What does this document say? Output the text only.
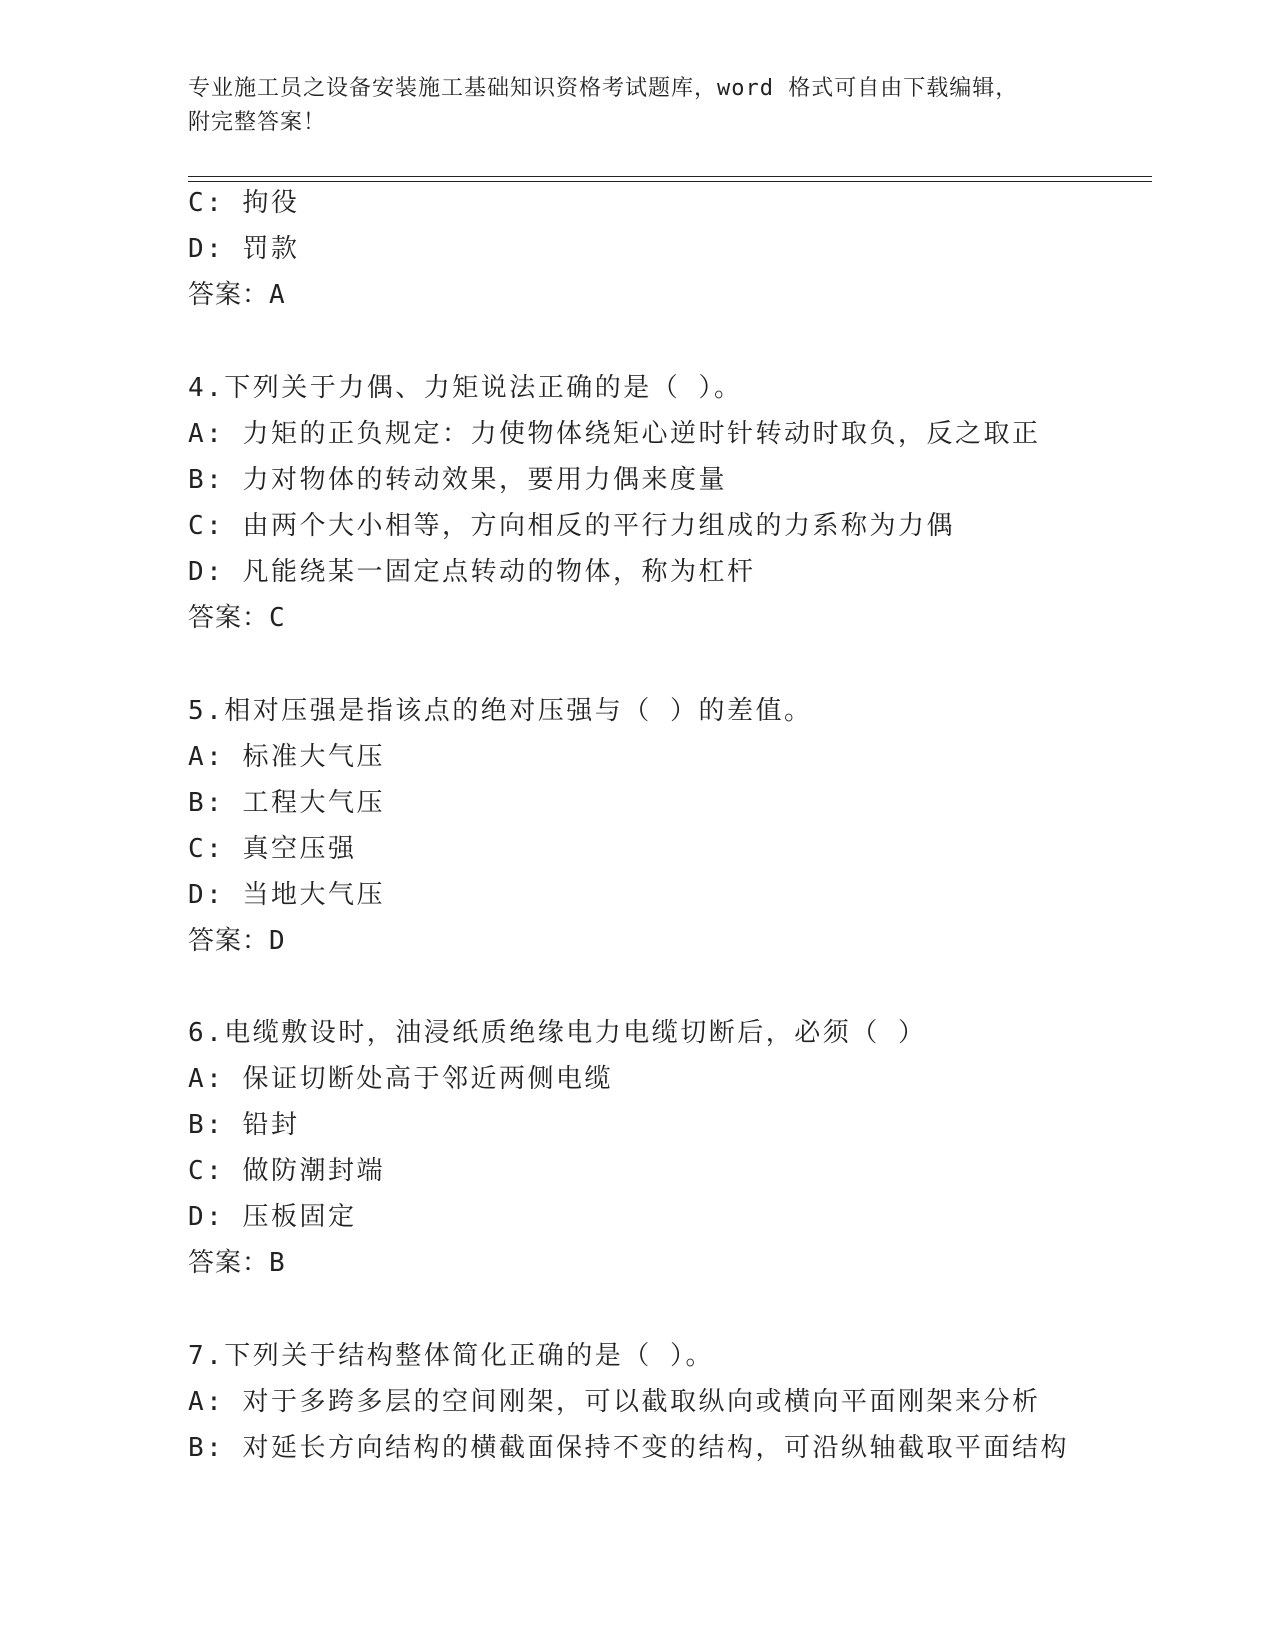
专业施工员之设备安装施工基础知识资格考试题库，word 格式可自由下载编辑，
附完整答案！
C: 拘役
D: 罚款
答案：A
4.下列关于力偶、力矩说法正确的是（ ）。
A: 力矩的正负规定：力使物体绕矩心逆时针转动时取负，反之取正
B: 力对物体的转动效果，要用力偶来度量
C: 由两个大小相等，方向相反的平行力组成的力系称为力偶
D: 凡能绕某一固定点转动的物体，称为杠杆
答案：C
5.相对压强是指该点的绝对压强与（ ）的差值。
A: 标准大气压
B: 工程大气压
C: 真空压强
D: 当地大气压
答案：D
6.电缆敷设时，油浸纸质绝缘电力电缆切断后，必须（ ）
A: 保证切断处高于邻近两侧电缆
B: 铅封
C: 做防潮封端
D: 压板固定
答案：B
7.下列关于结构整体简化正确的是（ ）。
A: 对于多跨多层的空间刚架，可以截取纵向或横向平面刚架来分析
B: 对延长方向结构的横截面保持不变的结构，可沿纵轴截取平面结构
